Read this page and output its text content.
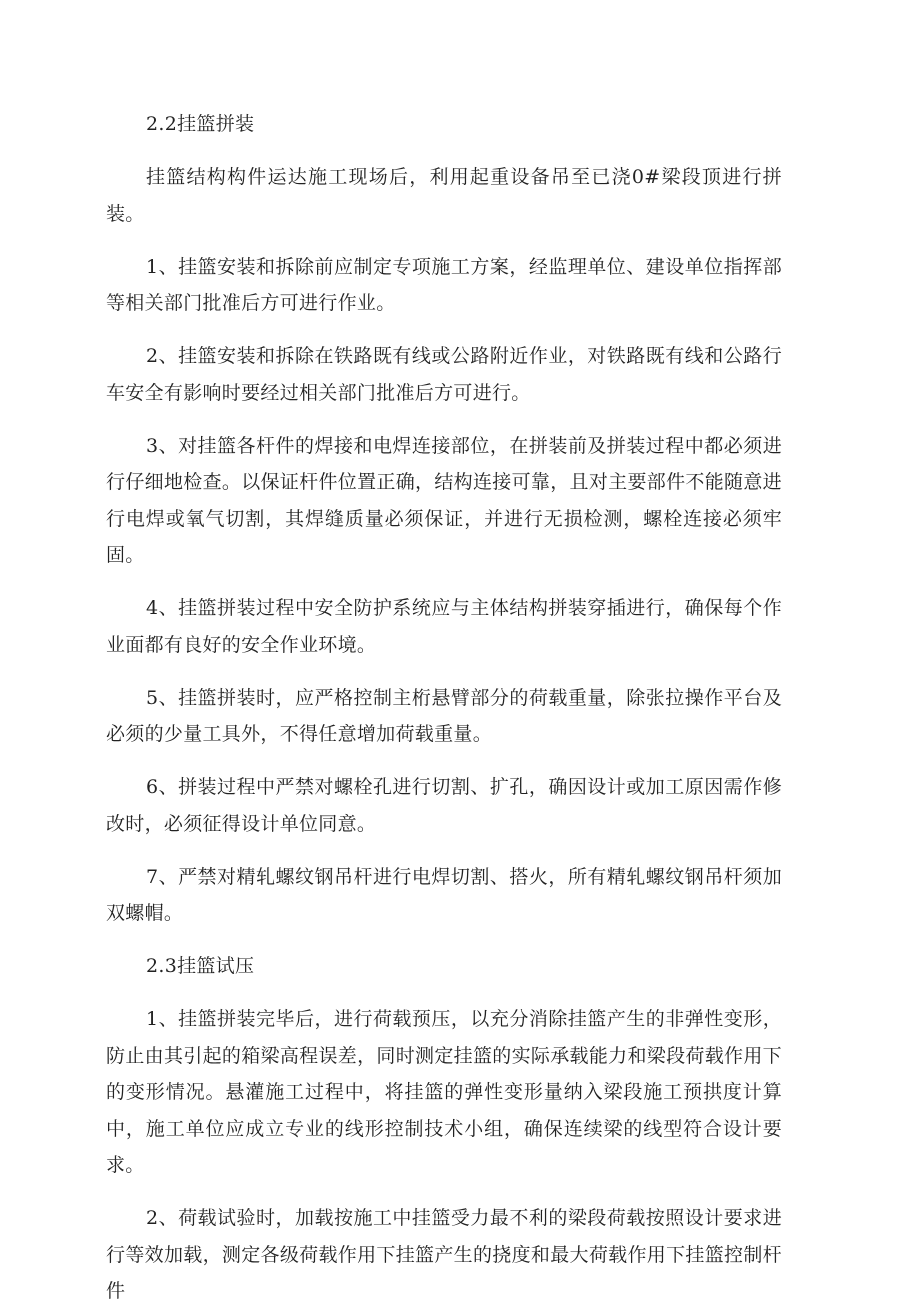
2.2挂篮拼装

挂篮结构构件运达施工现场后，利用起重设备吊至已浇0#梁段顶进行拼装。

1、挂篮安装和拆除前应制定专项施工方案，经监理单位、建设单位指挥部等相关部门批准后方可进行作业。

2、挂篮安装和拆除在铁路既有线或公路附近作业，对铁路既有线和公路行车安全有影响时要经过相关部门批准后方可进行。

3、对挂篮各杆件的焊接和电焊连接部位，在拼装前及拼装过程中都必须进行仔细地检查。以保证杆件位置正确，结构连接可靠，且对主要部件不能随意进行电焊或氧气切割，其焊缝质量必须保证，并进行无损检测，螺栓连接必须牢固。

4、挂篮拼装过程中安全防护系统应与主体结构拼装穿插进行，确保每个作业面都有良好的安全作业环境。

5、挂篮拼装时，应严格控制主桁悬臂部分的荷载重量，除张拉操作平台及必须的少量工具外，不得任意增加荷载重量。

6、拼装过程中严禁对螺栓孔进行切割、扩孔，确因设计或加工原因需作修改时，必须征得设计单位同意。

7、严禁对精轧螺纹钢吊杆进行电焊切割、搭火，所有精轧螺纹钢吊杆须加双螺帽。

2.3挂篮试压

1、挂篮拼装完毕后，进行荷载预压，以充分消除挂篮产生的非弹性变形，防止由其引起的箱梁高程误差，同时测定挂篮的实际承载能力和梁段荷载作用下的变形情况。悬灌施工过程中，将挂篮的弹性变形量纳入梁段施工预拱度计算中，施工单位应成立专业的线形控制技术小组，确保连续梁的线型符合设计要求。

2、荷载试验时，加载按施工中挂篮受力最不利的梁段荷载按照设计要求进行等效加载，测定各级荷载作用下挂篮产生的挠度和最大荷载作用下挂篮控制杆件
